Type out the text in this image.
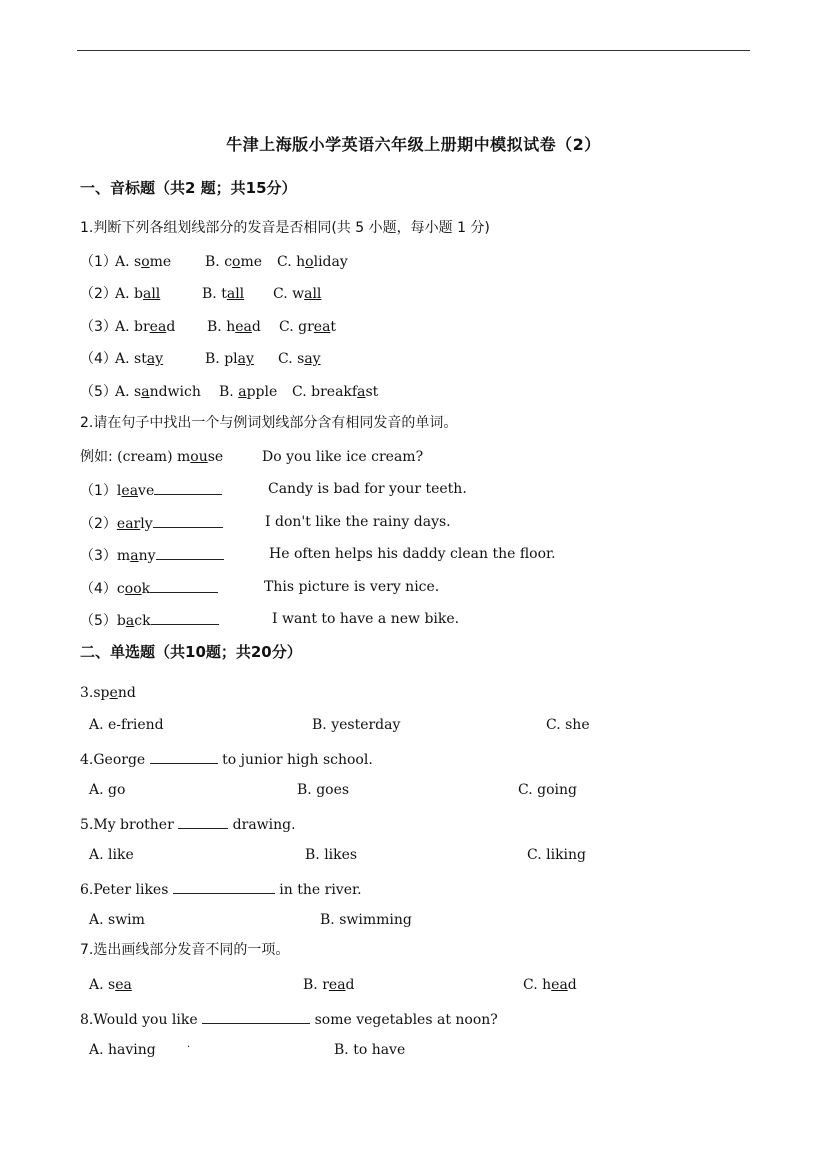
牛津上海版小学英语六年级上册期中模拟试卷（2）
一、音标题（共2 题；共15分）
1.判断下列各组划线部分的发音是否相同(共 5 小题，每小题 1 分)
（1）
A. some B. come C. holiday
（2）
A. ball	B. tall C. wall
（3）
A. bread B. head C. great
（4）
A. stay	B. play C. say
（5）
A. sandwich B. apple C. breakfast
2.请在句子中找出一个与例词划线部分含有相同发音的单词。
例如: (cream) mouse	Do you like ice cream?
（1）leave	Candy is bad for your teeth.
（2）early	I don't like the rainy days.
（3）many	He often helps his daddy clean the floor.
（4）cook	This picture is very nice.
（5）back	I want to have a new bike.
二、单选题（共10题；共20分）
3.spend
A. e-friend	B. yesterday	C. she
4.George	to junior high school.
A. go	B. goes	C. going
5.My brother	drawing.
A. like	B. likes	C. liking
6.Peter likes	in the river.
A. swim	B. swimming
7.选出画线部分发音不同的一项。
A. sea	B. read	C. head
8.Would you like	some vegetables at noon?
A. having	·	B. to have
